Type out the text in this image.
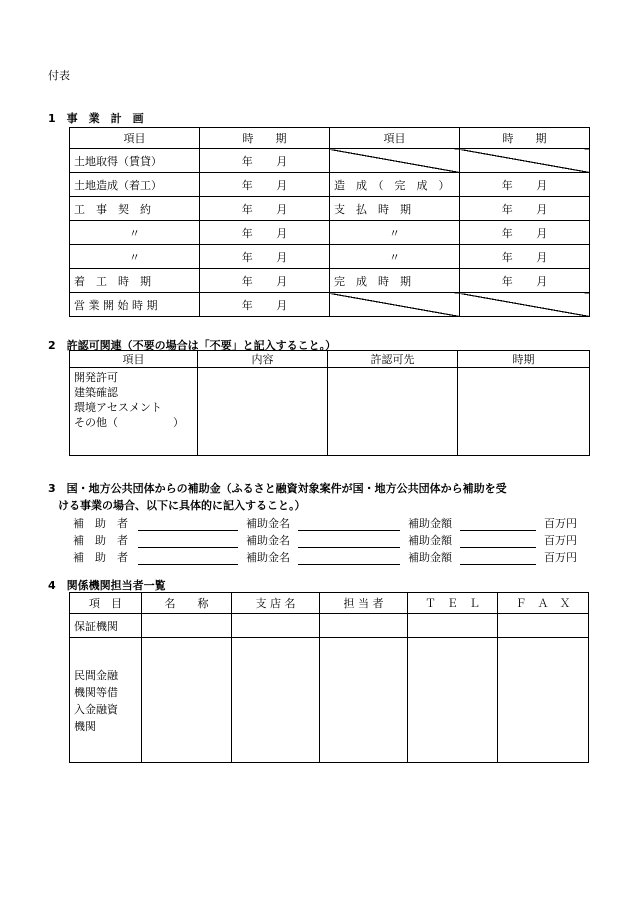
付表
1　事　業　計　画
項目	時　　期	項目	時　　期
土地取得（賃貸）	年 月		

土地造成（着工）	年 月	造　成　（　完　成　）	年 月

工　事　契　約	年 月	支　払　時　期	年 月

〃	年 月	〃	年 月

〃	年 月	〃	年 月

着　工　時　期	年 月	完　成　時　期	年 月

営 業 開 始 時 期	年 月		

2　許認可関連（不要の場合は「不要」と記入すること。）
項目	内容	許認可先	時期

開発許可
建築確認
環境アセスメント
その他（　　　　　）			

3　国・地方公共団体からの補助金（ふるさと融資対象案件が国・地方公共団体から補助を受
ける事業の場合、以下に具体的に記入すること。）
補　助　者	補助金名	補助金額	百万円
補　助　者	補助金名	補助金額	百万円
補　助　者	補助金名	補助金額	百万円
4　関係機関担当者一覧
項　目	名　　称	支 店 名	担 当 者	Ｔ　Ｅ　Ｌ	Ｆ　Ａ　Ｘ
保証機関					

民間金融
機関等借
入金融資
機関					
